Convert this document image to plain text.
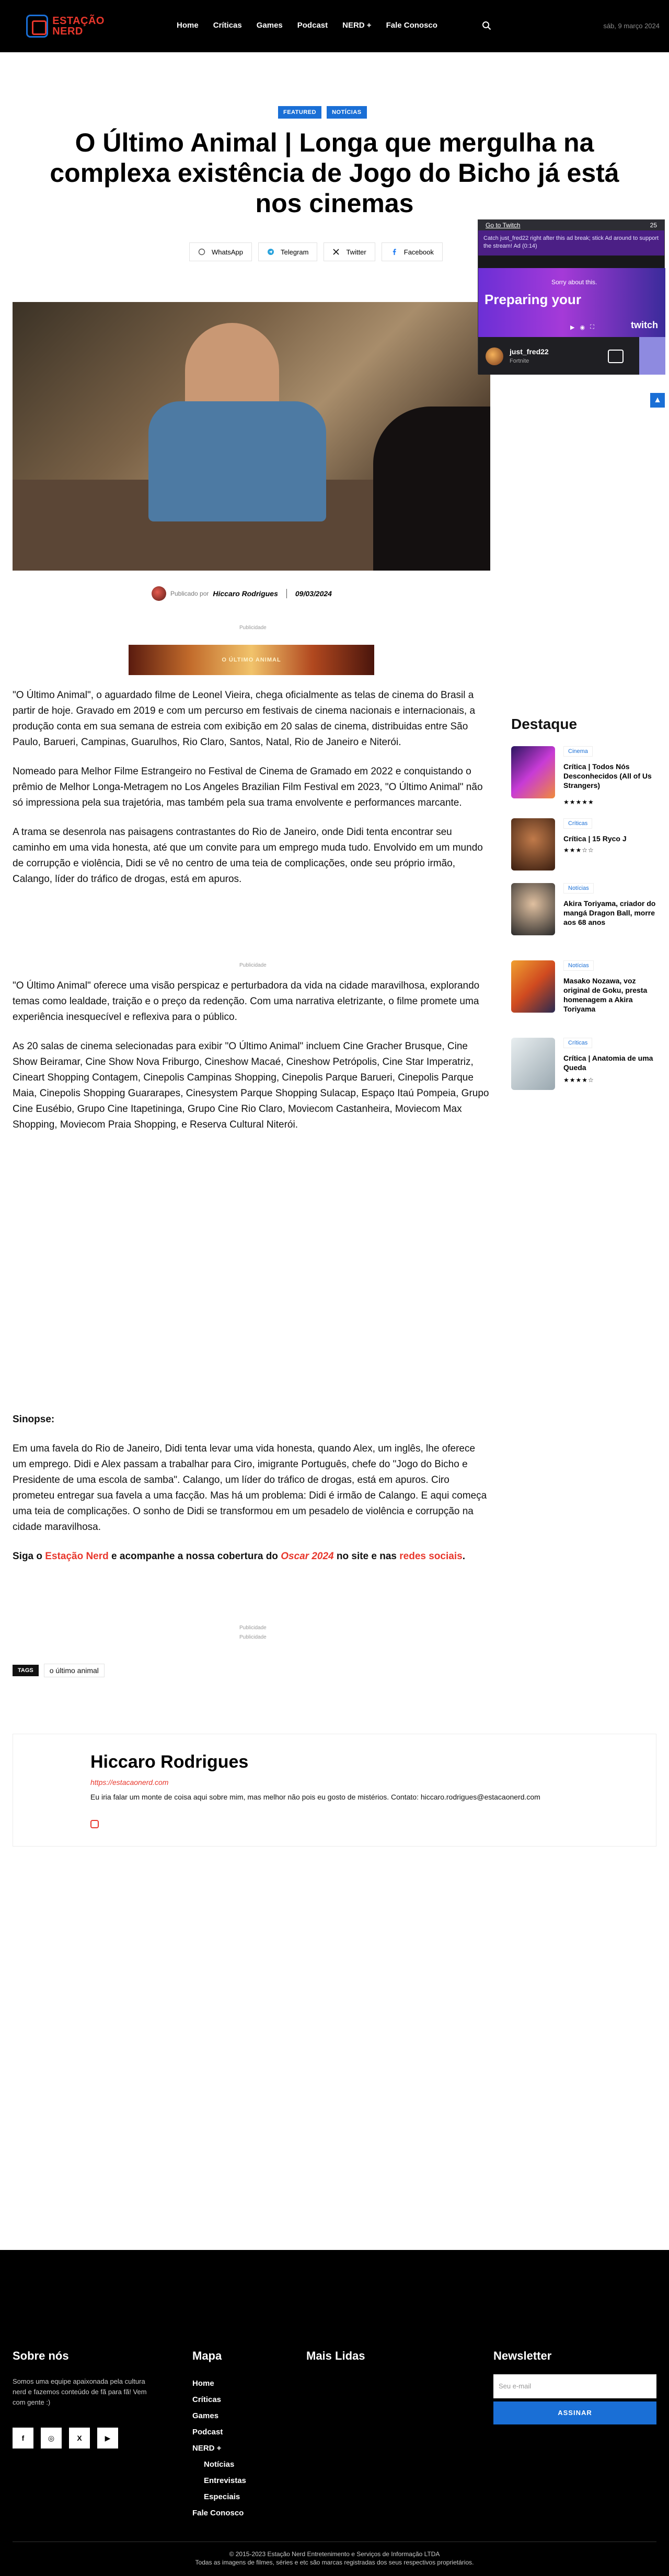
ESTAÇÃO
NERD
Home Críticas Games Podcast NERD + Fale Conosco	sáb, 9 março 2024
FEATURED	NOTÍCIAS
O Último Animal | Longa que mergulha na complexa existência de Jogo do Bicho já está nos cinemas
WhatsApp	Telegram	Twitter	Facebook
Publicado por Hiccaro Rodrigues 09/03/2024
Publicidade
O ÚLTIMO ANIMAL

"O Último Animal", o aguardado filme de Leonel Vieira, chega oficialmente as telas de cinema do Brasil a partir de hoje. Gravado em 2019 e com um percurso em festivais de cinema nacionais e internacionais, a produção conta em sua semana de estreia com exibição em 20 salas de cinema, distribuidas entre São Paulo, Barueri, Campinas, Guarulhos, Rio Claro, Santos, Natal, Rio de Janeiro e Niterói.

Nomeado para Melhor Filme Estrangeiro no Festival de Cinema de Gramado em 2022 e conquistando o prêmio de Melhor Longa-Metragem no Los Angeles Brazilian Film Festival em 2023, "O Último Animal" não só impressiona pela sua trajetória, mas também pela sua trama envolvente e performances marcante.

A trama se desenrola nas paisagens contrastantes do Rio de Janeiro, onde Didi tenta encontrar seu caminho em uma vida honesta, até que um convite para um emprego muda tudo. Envolvido em um mundo de corrupção e violência, Didi se vê no centro de uma teia de complicações, onde seu próprio irmão, Calango, líder do tráfico de drogas, está em apuros.

Publicidade

"O Último Animal" oferece uma visão perspicaz e perturbadora da vida na cidade maravilhosa, explorando temas como lealdade, traição e o preço da redenção. Com uma narrativa eletrizante, o filme promete uma experiência inesquecível e reflexiva para o público.

As 20 salas de cinema selecionadas para exibir "O Último Animal" incluem Cine Gracher Brusque, Cine Show Beiramar, Cine Show Nova Friburgo, Cineshow Macaé, Cineshow Petrópolis, Cine Star Imperatriz, Cineart Shopping Contagem, Cinepolis Campinas Shopping, Cinepolis Parque Barueri, Cinepolis Parque Maia, Cinepolis Shopping Guararapes, Cinesystem Parque Shopping Sulacap, Espaço Itaú Pompeia, Grupo Cine Eusébio, Grupo Cine Itapetininga, Grupo Cine Rio Claro, Moviecom Castanheira, Moviecom Max Shopping, Moviecom Praia Shopping, e Reserva Cultural Niterói.

Sinopse:

Em uma favela do Rio de Janeiro, Didi tenta levar uma vida honesta, quando Alex, um inglês, lhe oferece um emprego. Didi e Alex passam a trabalhar para Ciro, imigrante Português, chefe do "Jogo do Bicho e Presidente de uma escola de samba". Calango, um líder do tráfico de drogas, está em apuros. Ciro prometeu entregar sua favela a uma facção. Mas há um problema: Didi é irmão de Calango. E aqui começa uma teia de complicações. O sonho de Didi se transformou em um pesadelo de violência e corrupção na cidade maravilhosa.

Siga o Estação Nerd e acompanhe a nossa cobertura do Oscar 2024 no site e nas redes sociais.

Publicidade
Publicidade
TAGS	o último animal
Hiccaro Rodrigues
https://estacaonerd.com
Eu iria falar um monte de coisa aqui sobre mim, mas melhor não pois eu gosto de mistérios. Contato: hiccaro.rodrigues@estacaonerd.com
Destaque
Cinema
Crítica | Todos Nós Desconhecidos (All of Us Strangers)
★★★★★
Críticas
Crítica | 15 Ryco J
★★★☆☆
Notícias
Akira Toriyama, criador do mangá Dragon Ball, morre aos 68 anos
Notícias
Masako Nozawa, voz original de Goku, presta homenagem a Akira Toriyama
Críticas
Crítica | Anatomia de uma Queda
★★★★☆
Go to Twitch	25
Catch just_fred22 right after this ad break; stick Ad around to support the stream! Ad (0:14)
Preparing your
Sorry about this.
▶ ◉ ⛶	twitch
just_fred22
Fortnite
▲
Sobre nós
Somos uma equipe apaixonada pela cultura nerd e fazemos conteúdo de fã para fã! Vem com gente :)
f	◎	X	▶
Mapa
Home
Críticas
Games
Podcast
NERD +
Notícias
Entrevistas
Especiais
Fale Conosco
Mais Lidas	Newsletter
Seu e-mail
ASSINAR
© 2015-2023 Estação Nerd Entretenimento e Serviços de Informação LTDA
Todas as imagens de filmes, séries e etc são marcas registradas dos seus respectivos proprietários.
